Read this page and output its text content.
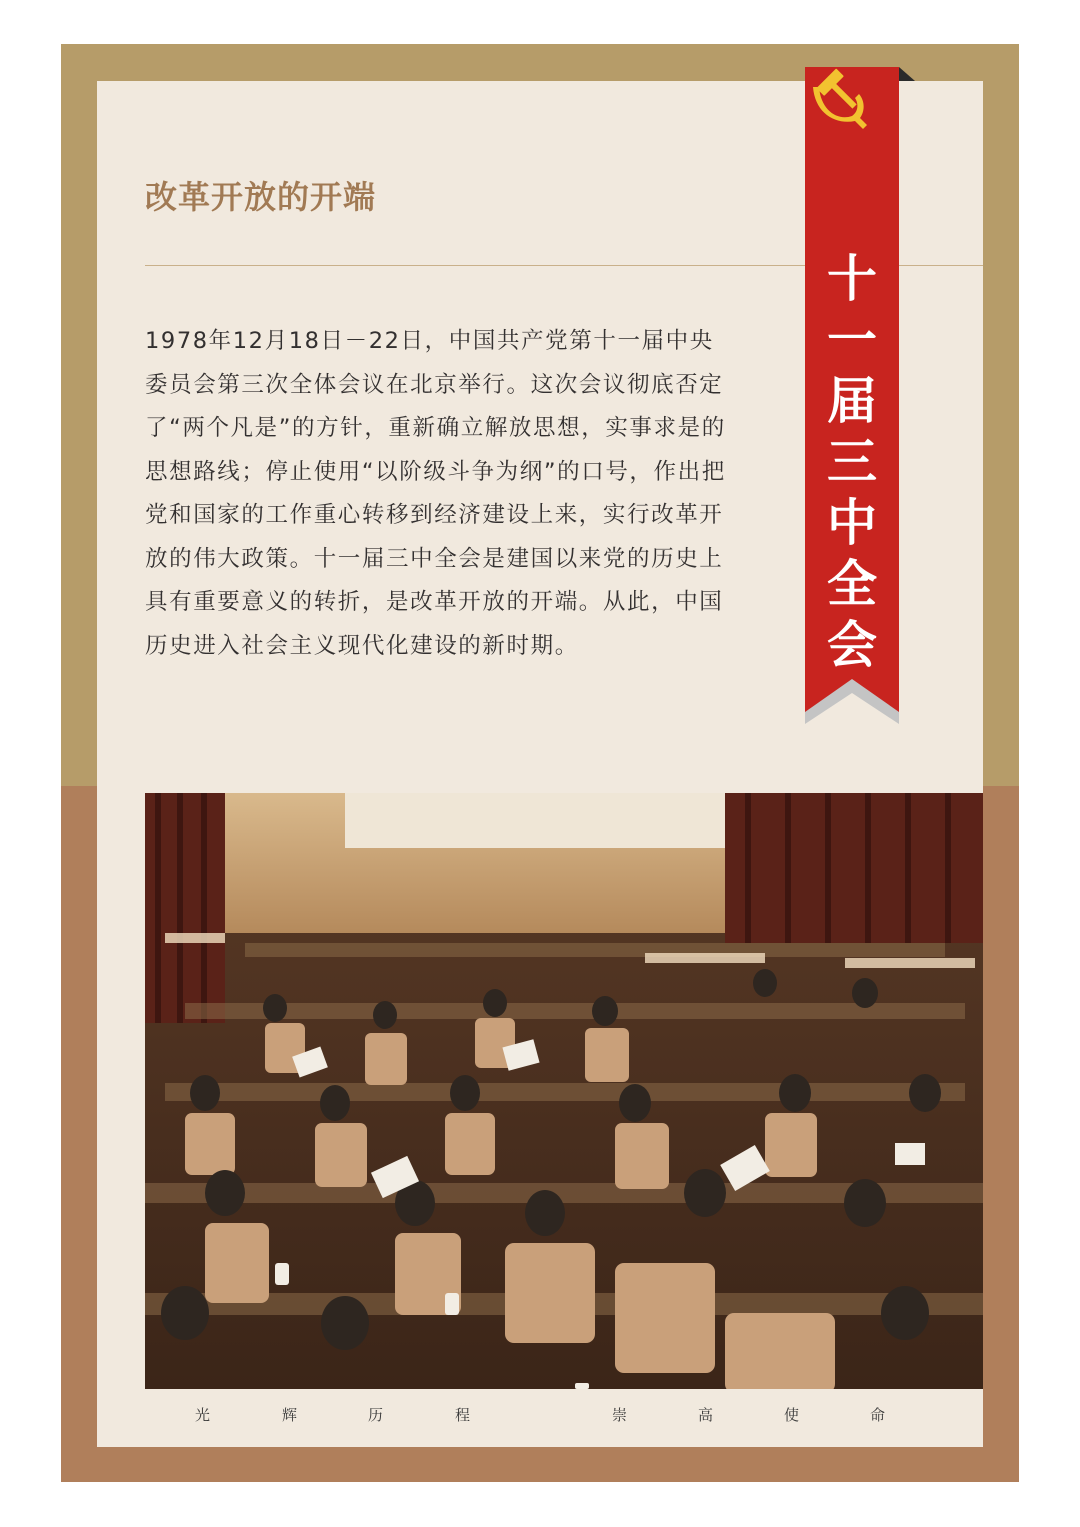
改革开放的开端

1978年12月18日－22日，中国共产党第十一届中央委员会第三次全体会议在北京举行。这次会议彻底否定了“两个凡是”的方针，重新确立解放思想，实事求是的思想路线；停止使用“以阶级斗争为纲”的口号，作出把党和国家的工作重心转移到经济建设上来，实行改革开放的伟大政策。十一届三中全会是建国以来党的历史上具有重要意义的转折，是改革开放的开端。从此，中国历史进入社会主义现代化建设的新时期。

十
一
届
三
中
全
会
光	辉	历	程	崇	高	使	命
